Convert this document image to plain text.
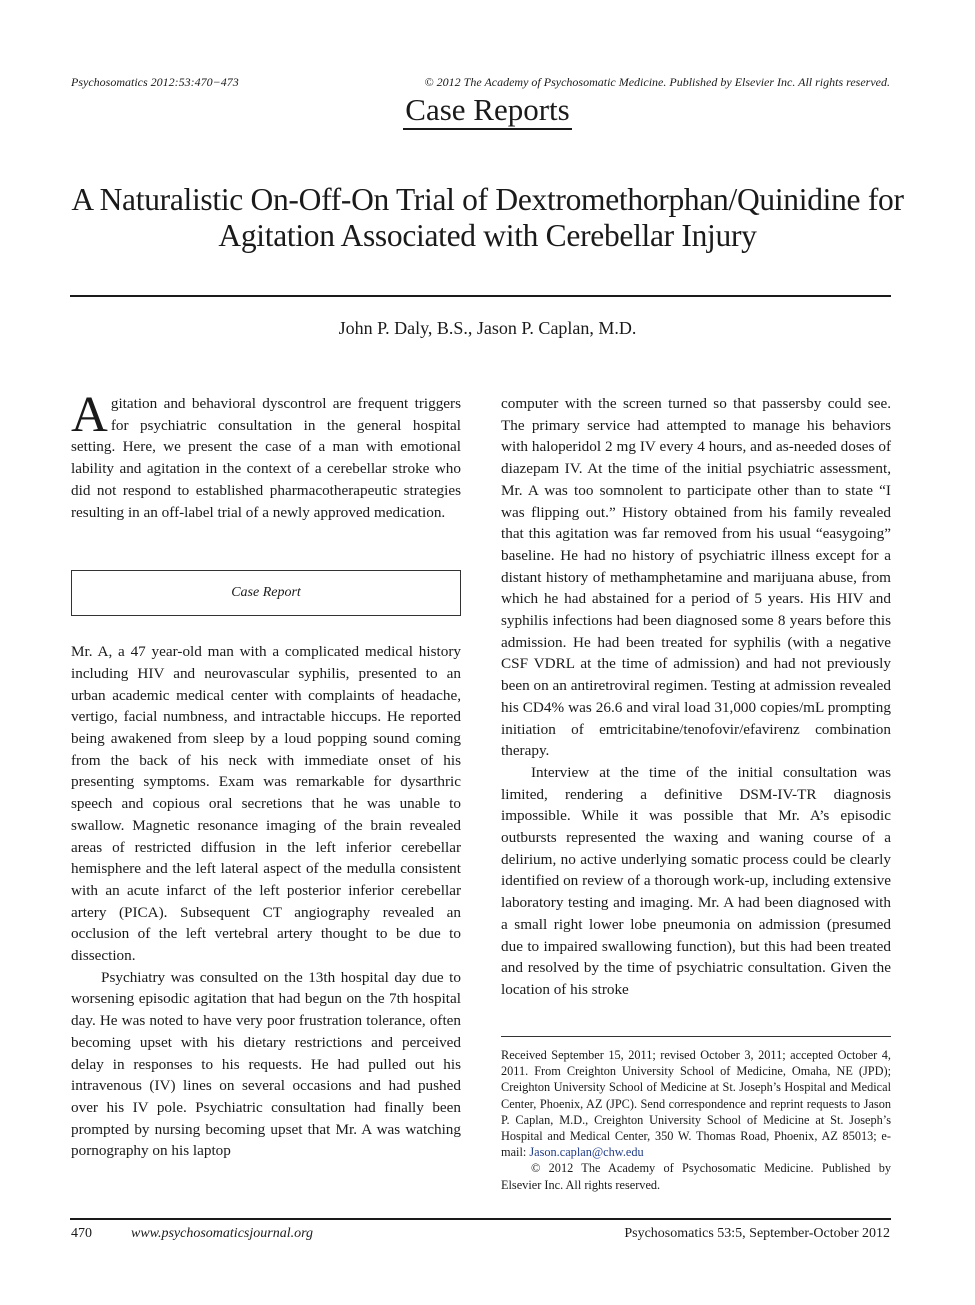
Psychosomatics 2012:53:470−473	© 2012 The Academy of Psychosomatic Medicine. Published by Elsevier Inc. All rights reserved.
Case Reports
A Naturalistic On-Off-On Trial of Dextromethorphan/Quinidine for Agitation Associated with Cerebellar Injury
John P. Daly, B.S., Jason P. Caplan, M.D.

Agitation and behavioral dyscontrol are frequent triggers for psychiatric consultation in the general hospital setting. Here, we present the case of a man with emotional lability and agitation in the context of a cerebellar stroke who did not respond to established pharmacotherapeutic strategies resulting in an off-label trial of a newly approved medication.

Case Report

Mr. A, a 47 year-old man with a complicated medical history including HIV and neurovascular syphilis, presented to an urban academic medical center with complaints of headache, vertigo, facial numbness, and intractable hiccups. He reported being awakened from sleep by a loud popping sound coming from the back of his neck with immediate onset of his presenting symptoms. Exam was remarkable for dysarthric speech and copious oral secretions that he was unable to swallow. Magnetic resonance imaging of the brain revealed areas of restricted diffusion in the left inferior cerebellar hemisphere and the left lateral aspect of the medulla consistent with an acute infarct of the left posterior inferior cerebellar artery (PICA). Subsequent CT angiography revealed an occlusion of the left vertebral artery thought to be due to dissection.

Psychiatry was consulted on the 13th hospital day due to worsening episodic agitation that had begun on the 7th hospital day. He was noted to have very poor frustration tolerance, often becoming upset with his dietary restrictions and perceived delay in responses to his requests. He had pulled out his intravenous (IV) lines on several occasions and had pushed over his IV pole. Psychiatric consultation had finally been prompted by nursing becoming upset that Mr. A was watching pornography on his laptop

computer with the screen turned so that passersby could see. The primary service had attempted to manage his behaviors with haloperidol 2 mg IV every 4 hours, and as-needed doses of diazepam IV. At the time of the initial psychiatric assessment, Mr. A was too somnolent to participate other than to state “I was flipping out.” History obtained from his family revealed that this agitation was far removed from his usual “easygoing” baseline. He had no history of psychiatric illness except for a distant history of methamphetamine and marijuana abuse, from which he had abstained for a period of 5 years. His HIV and syphilis infections had been diagnosed some 8 years before this admission. He had been treated for syphilis (with a negative CSF VDRL at the time of admission) and had not previously been on an antiretroviral regimen. Testing at admission revealed his CD4% was 26.6 and viral load 31,000 copies/mL prompting initiation of emtricitabine/tenofovir/efavirenz combination therapy.

Interview at the time of the initial consultation was limited, rendering a definitive DSM-IV-TR diagnosis impossible. While it was possible that Mr. A’s episodic outbursts represented the waxing and waning course of a delirium, no active underlying somatic process could be clearly identified on review of a thorough work-up, including extensive laboratory testing and imaging. Mr. A had been diagnosed with a small right lower lobe pneumonia on admission (presumed due to impaired swallowing function), but this had been treated and resolved by the time of psychiatric consultation. Given the location of his stroke

Received September 15, 2011; revised October 3, 2011; accepted October 4, 2011. From Creighton University School of Medicine, Omaha, NE (JPD); Creighton University School of Medicine at St. Joseph’s Hospital and Medical Center, Phoenix, AZ (JPC). Send correspondence and reprint requests to Jason P. Caplan, M.D., Creighton University School of Medicine at St. Joseph’s Hospital and Medical Center, 350 W. Thomas Road, Phoenix, AZ 85013; e-mail: Jason.caplan@chw.edu

© 2012 The Academy of Psychosomatic Medicine. Published by Elsevier Inc. All rights reserved.

470	www.psychosomaticsjournal.org	Psychosomatics 53:5, September-October 2012
